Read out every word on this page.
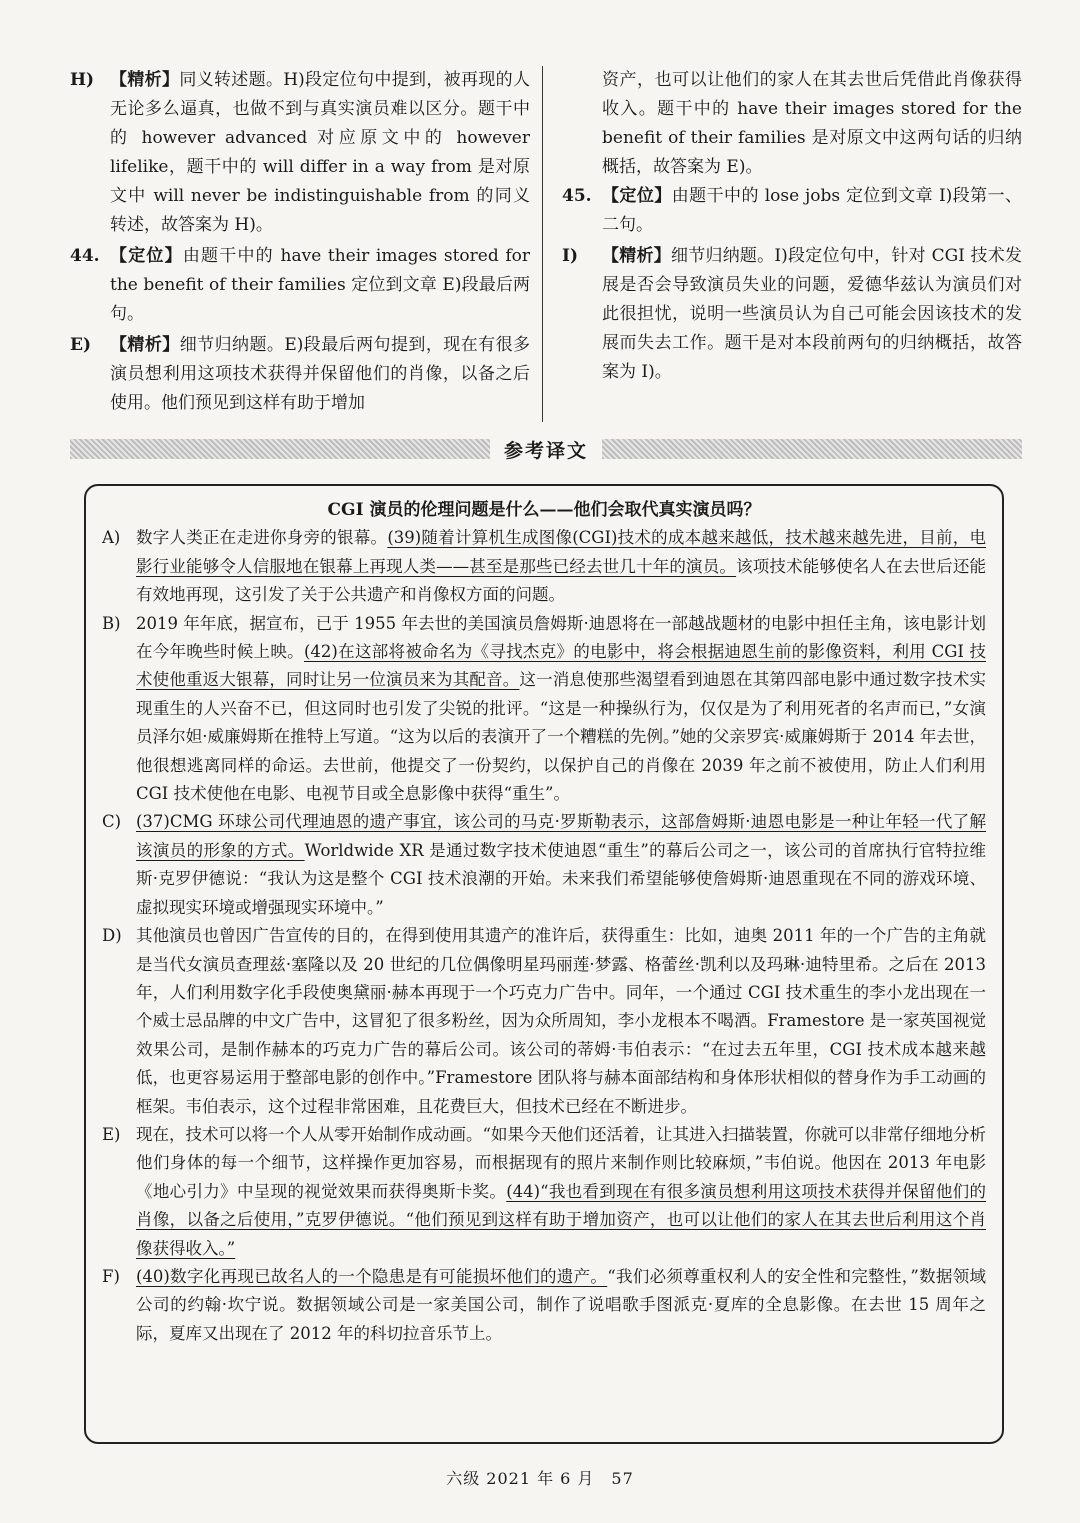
H) 【精析】同义转述题。H)段定位句中提到，被再现的人无论多么逼真，也做不到与真实演员难以区分。题干中的 however advanced 对应原文中的 however lifelike，题干中的 will differ in a way from 是对原文中 will never be indistinguishable from 的同义转述，故答案为 H)。
44. 【定位】由题干中的 have their images stored for the benefit of their families 定位到文章 E)段最后两句。
E)	【精析】细节归纳题。E)段最后两句提到，现在有很多演员想利用这项技术获得并保留他们的肖像，以备之后使用。他们预见到这样有助于增加
资产，也可以让他们的家人在其去世后凭借此肖像获得收入。题干中的 have their images stored for the benefit of their families 是对原文中这两句话的归纳概括，故答案为 E)。
45. 【定位】由题干中的 lose jobs 定位到文章 I)段第一、二句。
I)	【精析】细节归纳题。I)段定位句中，针对 CGI 技术发展是否会导致演员失业的问题，爱德华兹认为演员们对此很担忧，说明一些演员认为自己可能会因该技术的发展而失去工作。题干是对本段前两句的归纳概括，故答案为 I)。
参考译文
CGI 演员的伦理问题是什么——他们会取代真实演员吗？
A) 数字人类正在走进你身旁的银幕。(39)随着计算机生成图像(CGI)技术的成本越来越低，技术越来越先进，目前，电影行业能够令人信服地在银幕上再现人类——甚至是那些已经去世几十年的演员。该项技术能够使名人在去世后还能有效地再现，这引发了关于公共遗产和肖像权方面的问题。
B) 2019 年年底，据宣布，已于 1955 年去世的美国演员詹姆斯·迪恩将在一部越战题材的电影中担任主角，该电影计划在今年晚些时候上映。(42)在这部将被命名为《寻找杰克》的电影中，将会根据迪恩生前的影像资料，利用 CGI 技术使他重返大银幕，同时让另一位演员来为其配音。这一消息使那些渴望看到迪恩在其第四部电影中通过数字技术实现重生的人兴奋不已，但这同时也引发了尖锐的批评。“这是一种操纵行为，仅仅是为了利用死者的名声而已，”女演员泽尔妲·威廉姆斯在推特上写道。“这为以后的表演开了一个糟糕的先例。”她的父亲罗宾·威廉姆斯于 2014 年去世，他很想逃离同样的命运。去世前，他提交了一份契约，以保护自己的肖像在 2039 年之前不被使用，防止人们利用 CGI 技术使他在电影、电视节目或全息影像中获得“重生”。
C) (37)CMG 环球公司代理迪恩的遗产事宜，该公司的马克·罗斯勒表示，这部詹姆斯·迪恩电影是一种让年轻一代了解该演员的形象的方式。Worldwide XR 是通过数字技术使迪恩“重生”的幕后公司之一，该公司的首席执行官特拉维斯·克罗伊德说：“我认为这是整个 CGI 技术浪潮的开始。未来我们希望能够使詹姆斯·迪恩重现在不同的游戏环境、虚拟现实环境或增强现实环境中。”
D) 其他演员也曾因广告宣传的目的，在得到使用其遗产的准许后，获得重生：比如，迪奥 2011 年的一个广告的主角就是当代女演员查理兹·塞隆以及 20 世纪的几位偶像明星玛丽莲·梦露、格蕾丝·凯利以及玛琳·迪特里希。之后在 2013 年，人们利用数字化手段使奥黛丽·赫本再现于一个巧克力广告中。同年，一个通过 CGI 技术重生的李小龙出现在一个威士忌品牌的中文广告中，这冒犯了很多粉丝，因为众所周知，李小龙根本不喝酒。Framestore 是一家英国视觉效果公司，是制作赫本的巧克力广告的幕后公司。该公司的蒂姆·韦伯表示：“在过去五年里，CGI 技术成本越来越低，也更容易运用于整部电影的创作中。”Framestore 团队将与赫本面部结构和身体形状相似的替身作为手工动画的框架。韦伯表示，这个过程非常困难，且花费巨大，但技术已经在不断进步。
E) 现在，技术可以将一个人从零开始制作成动画。“如果今天他们还活着，让其进入扫描装置，你就可以非常仔细地分析他们身体的每一个细节，这样操作更加容易，而根据现有的照片来制作则比较麻烦，”韦伯说。他因在 2013 年电影《地心引力》中呈现的视觉效果而获得奥斯卡奖。(44)“我也看到现在有很多演员想利用这项技术获得并保留他们的肖像，以备之后使用，”克罗伊德说。“他们预见到这样有助于增加资产，也可以让他们的家人在其去世后利用这个肖像获得收入。”
F) (40)数字化再现已故名人的一个隐患是有可能损坏他们的遗产。“我们必须尊重权利人的安全性和完整性，”数据领域公司的约翰·坎宁说。数据领域公司是一家美国公司，制作了说唱歌手图派克·夏库的全息影像。在去世 15 周年之际，夏库又出现在了 2012 年的科切拉音乐节上。
六级 2021 年 6 月　57
